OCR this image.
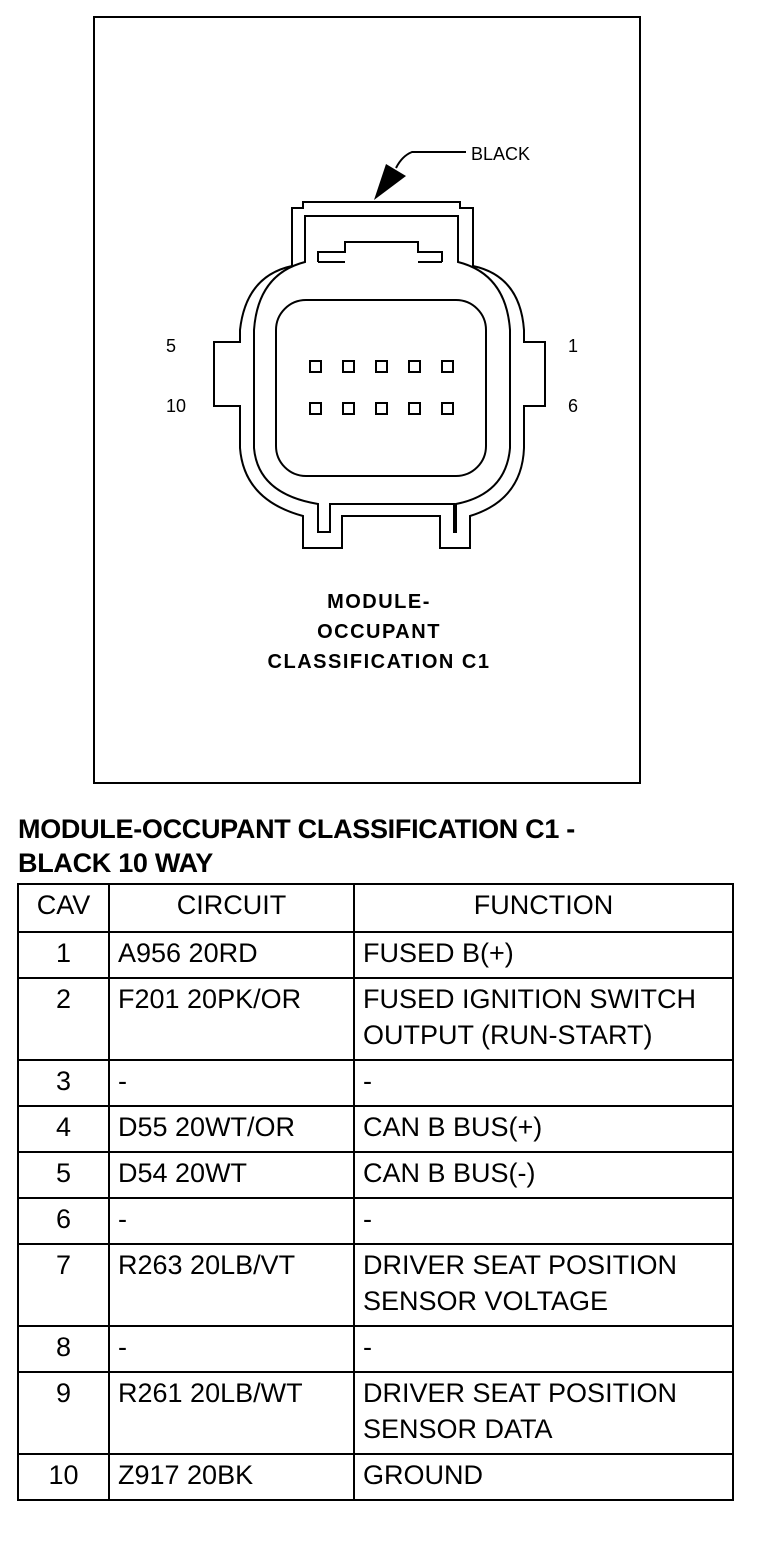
BLACK
5
10
1
6
MODULE-
OCCUPANT
CLASSIFICATION C1
MODULE-OCCUPANT CLASSIFICATION C1 -
BLACK 10 WAY
CAV	CIRCUIT	FUNCTION
1	A956 20RD	FUSED B(+)
2	F201 20PK/OR	FUSED IGNITION SWITCH OUTPUT (RUN-START)
3	-	-
4	D55 20WT/OR	CAN B BUS(+)
5	D54 20WT	CAN B BUS(-)
6	-	-
7	R263 20LB/VT	DRIVER SEAT POSITION SENSOR VOLTAGE
8	-	-
9	R261 20LB/WT	DRIVER SEAT POSITION SENSOR DATA
10	Z917 20BK	GROUND
